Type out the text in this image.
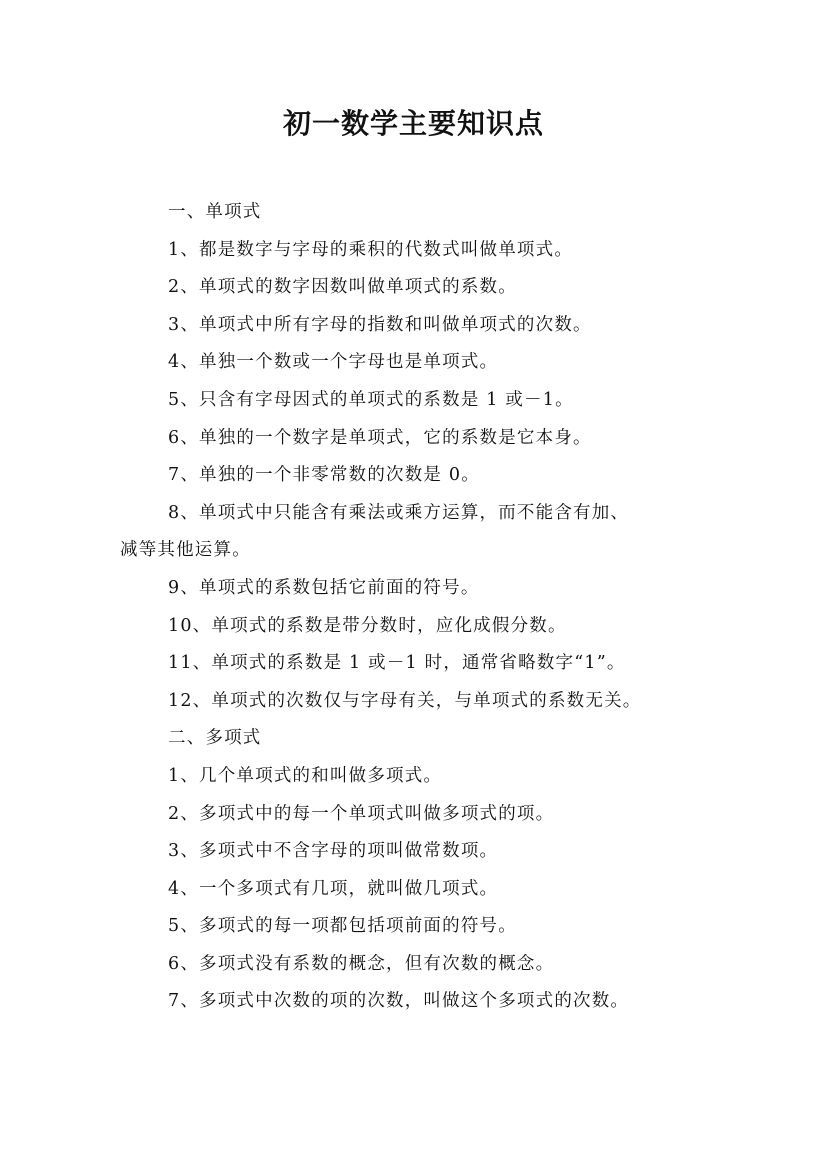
初一数学主要知识点
一、单项式
1、都是数字与字母的乘积的代数式叫做单项式。
2、单项式的数字因数叫做单项式的系数。
3、单项式中所有字母的指数和叫做单项式的次数。
4、单独一个数或一个字母也是单项式。
5、只含有字母因式的单项式的系数是 1 或－1。
6、单独的一个数字是单项式，它的系数是它本身。
7、单独的一个非零常数的次数是 0。
8、单项式中只能含有乘法或乘方运算，而不能含有加、
减等其他运算。
9、单项式的系数包括它前面的符号。
10、单项式的系数是带分数时，应化成假分数。
11、单项式的系数是 1 或－1 时，通常省略数字“1”。
12、单项式的次数仅与字母有关，与单项式的系数无关。
二、多项式
1、几个单项式的和叫做多项式。
2、多项式中的每一个单项式叫做多项式的项。
3、多项式中不含字母的项叫做常数项。
4、一个多项式有几项，就叫做几项式。
5、多项式的每一项都包括项前面的符号。
6、多项式没有系数的概念，但有次数的概念。
7、多项式中次数的项的次数，叫做这个多项式的次数。
